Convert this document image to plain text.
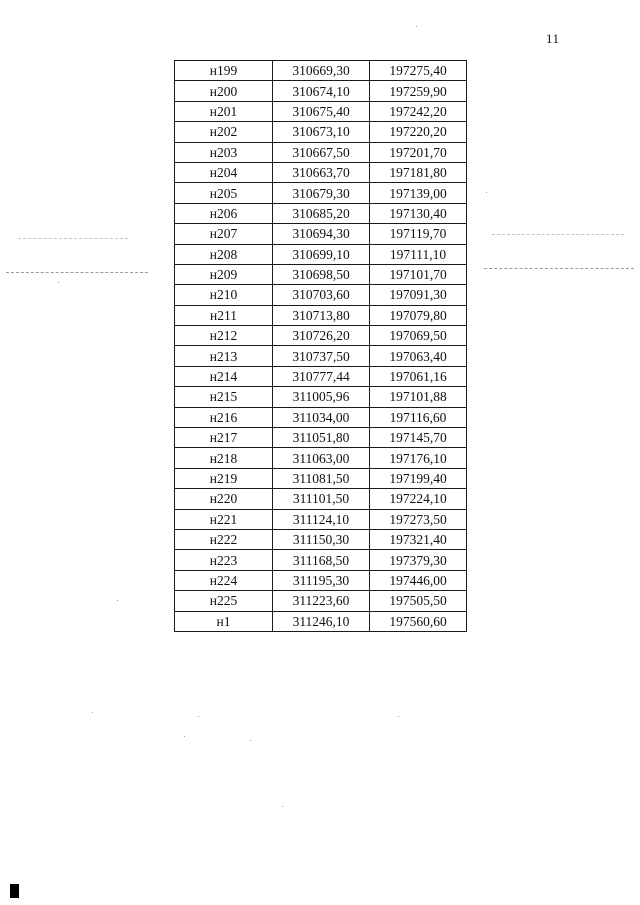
11
н199	310669,30	197275,40
н200	310674,10	197259,90
н201	310675,40	197242,20
н202	310673,10	197220,20
н203	310667,50	197201,70
н204	310663,70	197181,80
н205	310679,30	197139,00
н206	310685,20	197130,40
н207	310694,30	197119,70
н208	310699,10	197111,10
н209	310698,50	197101,70
н210	310703,60	197091,30
н211	310713,80	197079,80
н212	310726,20	197069,50
н213	310737,50	197063,40
н214	310777,44	197061,16
н215	311005,96	197101,88
н216	311034,00	197116,60
н217	311051,80	197145,70
н218	311063,00	197176,10
н219	311081,50	197199,40
н220	311101,50	197224,10
н221	311124,10	197273,50
н222	311150,30	197321,40
н223	311168,50	197379,30
н224	311195,30	197446,00
н225	311223,60	197505,50
н1	311246,10	197560,60
